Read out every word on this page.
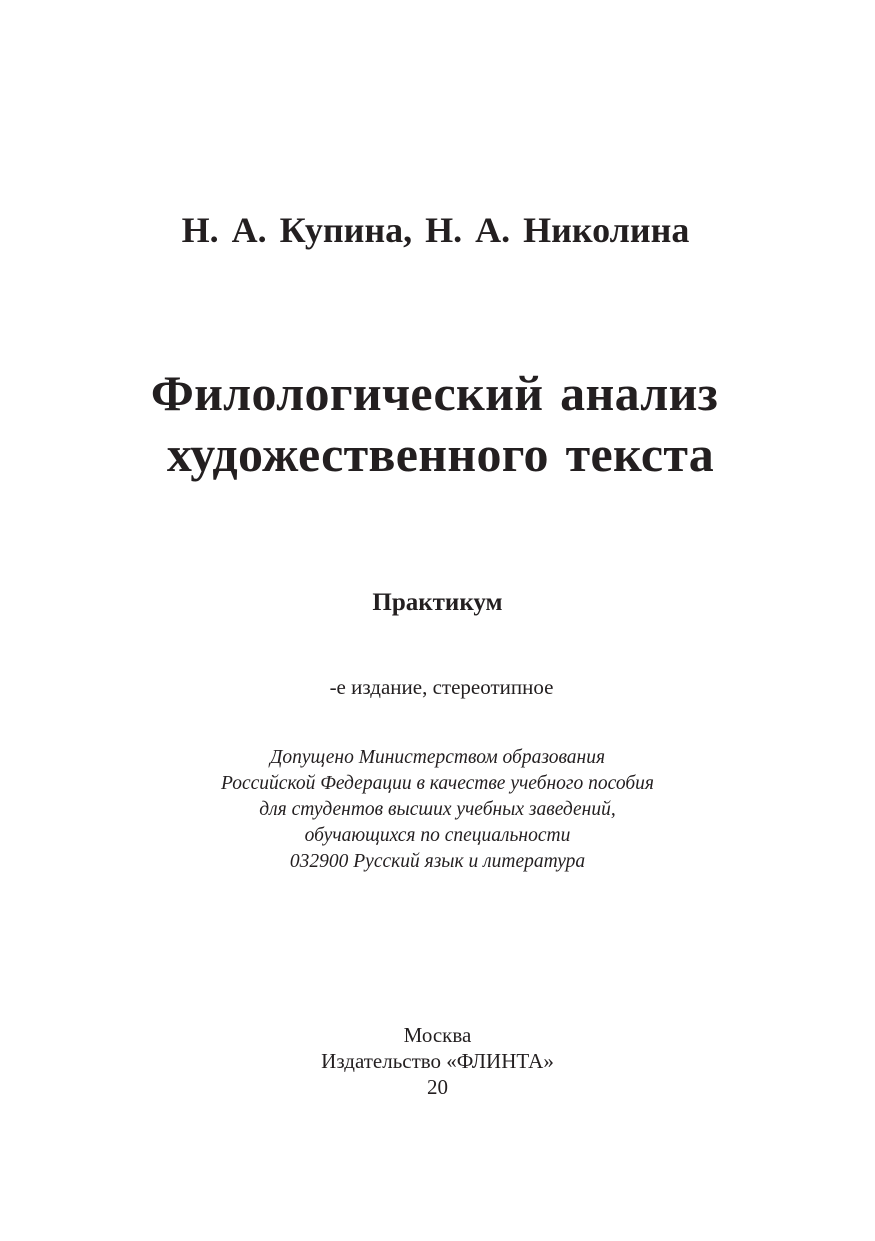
Н. А. Купина, Н. А. Николина
Филологический анализ
художественного текста
Практикум
-е издание, стереотипное
Допущено Министерством образования
Российской Федерации в качестве учебного пособия
для студентов высших учебных заведений,
обучающихся по специальности
032900 Русский язык и литература
Москва
Издательство «ФЛИНТА»
20
